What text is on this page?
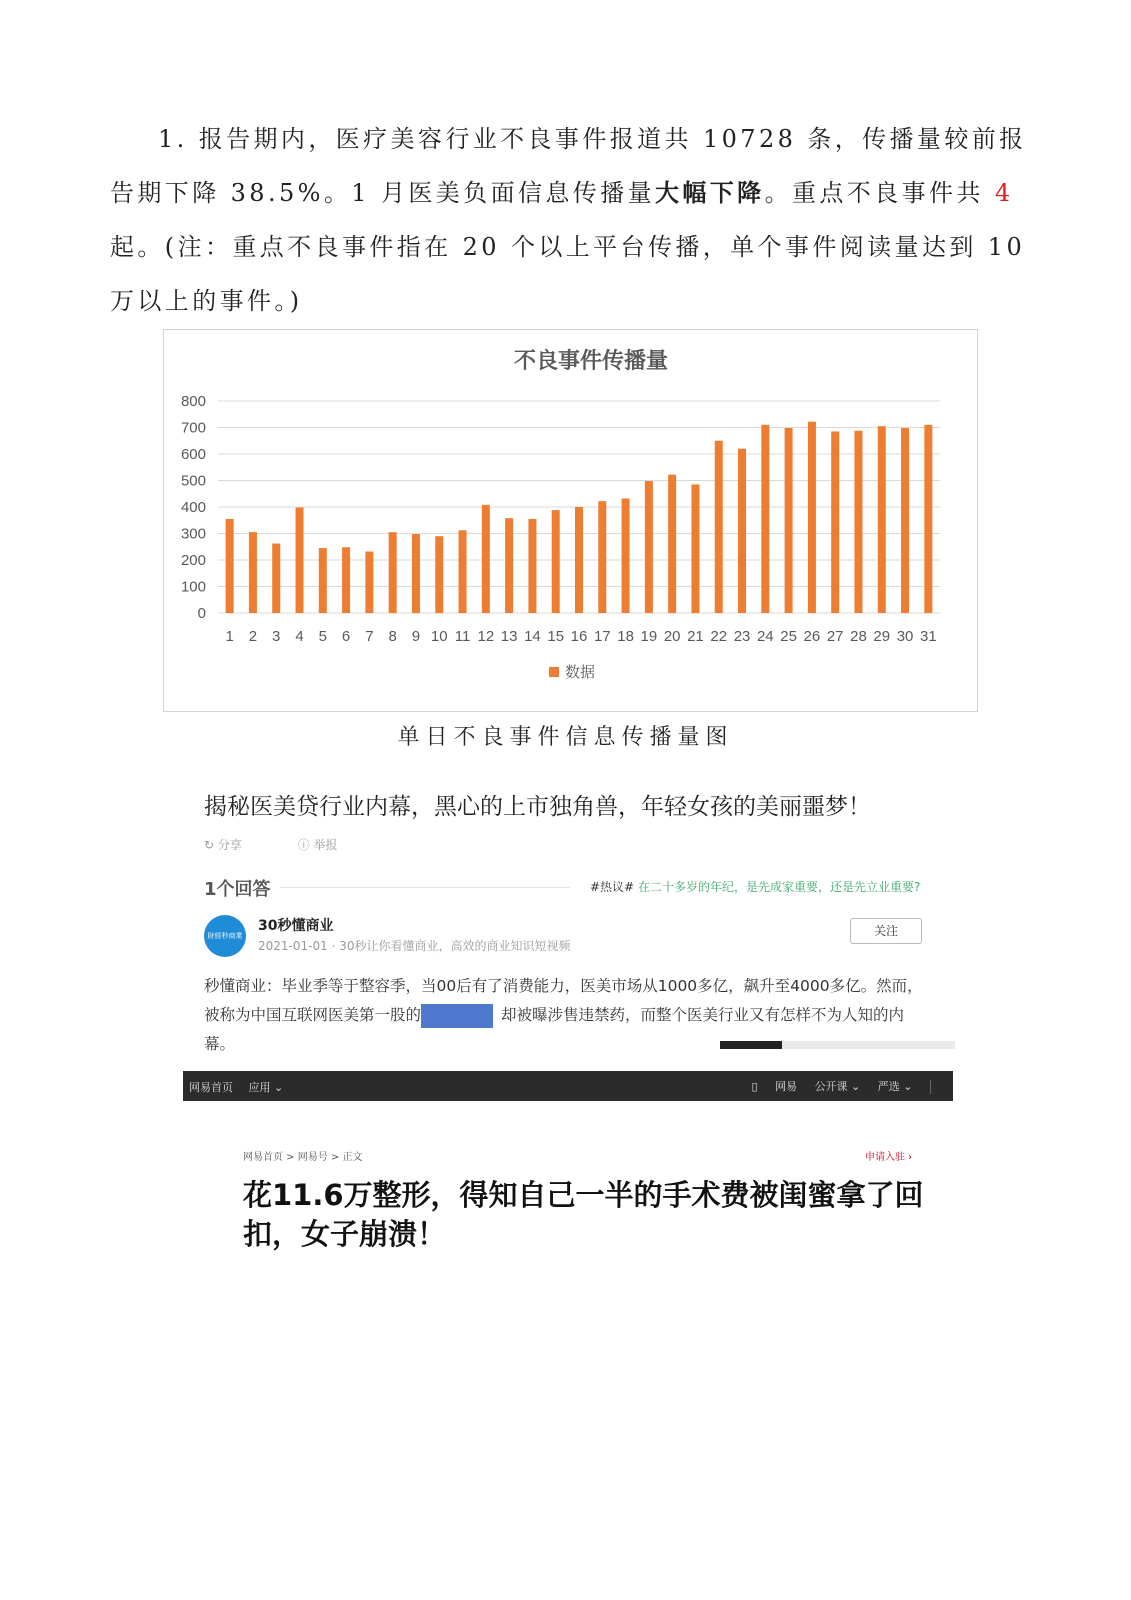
1. 报告期内，医疗美容行业不良事件报道共 10728 条，传播量较前报告期下降 38.5%。1 月医美负面信息传播量大幅下降。重点不良事件共 4 起。(注：重点不良事件指在 20 个以上平台传播，单个事件阅读量达到 10 万以上的事件。)

不良事件传播量
0
100
200
300
400
500
600
700
800
1 2 3 4 5 6 7 8 9 10 11 12 13 14 15 16 17 18 19 20 21 22 23 24 25 26 27 28 29 30 31
数据

单日不良事件信息传播量图

揭秘医美贷行业内幕，黑心的上市独角兽，年轻女孩的美丽噩梦！
↻ 分享	ⓘ 举报
1个回答	#热议# 在二十多岁的年纪，是先成家重要，还是先立业重要?
財經秒商業
30秒懂商业
2021-01-01 · 30秒让你看懂商业，高效的商业知识短视频
关注
秒懂商业：毕业季等于整容季，当00后有了消费能力，医美市场从1000多亿，飙升至4000多亿。然而，被称为中国互联网医美第一股的	却被曝涉售违禁药，而整个医美行业又有怎样不为人知的内幕。
网易首页 应用 ⌄	▯ 网易 公开课 ⌄ 严选 ⌄
网易首页 > 网易号 > 正文	申请入驻 ›

花11.6万整形，得知自己一半的手术费被闺蜜拿了回扣，女子崩溃！
